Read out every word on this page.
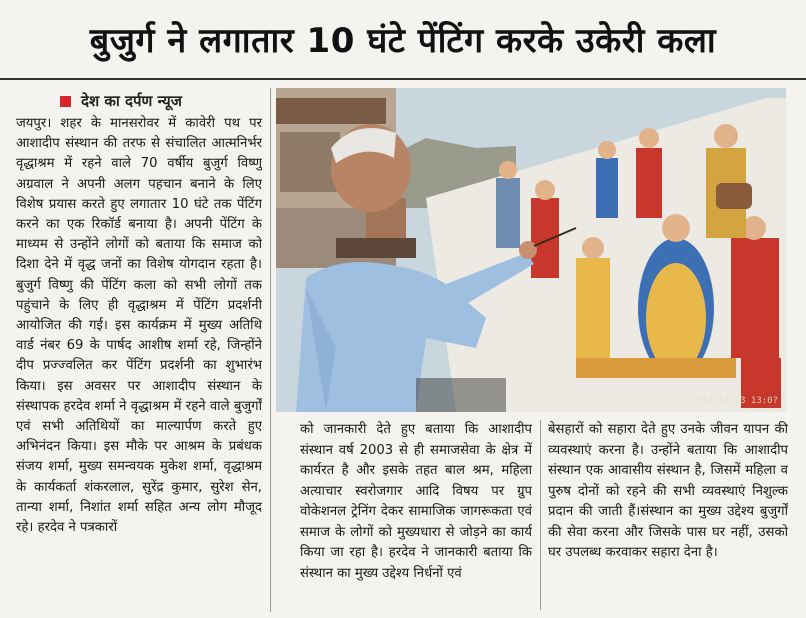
बुजुर्ग ने लगातार 10 घंटे पेंटिंग करके उकेरी कला
देश का दर्पण न्यूज
जयपुर। शहर के मानसरोवर में कावेरी पथ पर आशादीप संस्थान की तरफ से संचालित आत्मनिर्भर वृद्धाश्रम में रहने वाले 70 वर्षीय बुजुर्ग विष्णु अग्रवाल ने अपनी अलग पहचान बनाने के लिए विशेष प्रयास करते हुए लगातार 10 घंटे तक पेंटिंग करने का एक रिकॉर्ड बनाया है। अपनी पेंटिंग के माध्यम से उन्होंने लोगों को बताया कि समाज को दिशा देने में वृद्ध जनों का विशेष योगदान रहता है। बुजुर्ग विष्णु की पेंटिंग कला को सभी लोगों तक पहुंचाने के लिए ही वृद्धाश्रम में पेंटिंग प्रदर्शनी आयोजित की गई। इस कार्यक्रम में मुख्य अतिथि वार्ड नंबर 69 के पार्षद आशीष शर्मा रहे, जिन्होंने दीप प्रज्ज्वलित कर पेंटिंग प्रदर्शनी का शुभारंभ किया। इस अवसर पर आशादीप संस्थान के संस्थापक हरदेव शर्मा ने वृद्धाश्रम में रहने वाले बुजुर्गों एवं सभी अतिथियों का माल्यार्पण करते हुए अभिनंदन किया। इस मौके पर आश्रम के प्रबंधक संजय शर्मा, मुख्य समन्वयक मुकेश शर्मा, वृद्धाश्रम के कार्यकर्ता शंकरलाल, सुरेंद्र कुमार, सुरेश सेन, तान्या शर्मा, निशांत शर्मा सहित अन्य लोग मौजूद रहे। हरदेव ने पत्रकारों
2017/12/13 13:0?
को जानकारी देते हुए बताया कि आशादीप संस्थान वर्ष 2003 से ही समाजसेवा के क्षेत्र में कार्यरत है और इसके तहत बाल श्रम, महिला अत्याचार स्वरोजगार आदि विषय पर ग्रुप वोकेशनल ट्रेनिंग देकर सामाजिक जागरूकता एवं समाज के लोगों को मुख्यधारा से जोड़ने का कार्य किया जा रहा है। हरदेव ने जानकारी बताया कि संस्थान का मुख्य उद्देश्य निर्धनों एवं
बेसहारों को सहारा देते हुए उनके जीवन यापन की व्यवस्थाएं करना है। उन्होंने बताया कि आशादीप संस्थान एक आवासीय संस्थान है, जिसमें महिला व पुरुष दोनों को रहने की सभी व्यवस्थाएं निशुल्क प्रदान की जाती हैं।संस्थान का मुख्य उद्देश्य बुजुर्गों की सेवा करना और जिसके पास घर नहीं, उसको घर उपलब्ध करवाकर सहारा देना है।
